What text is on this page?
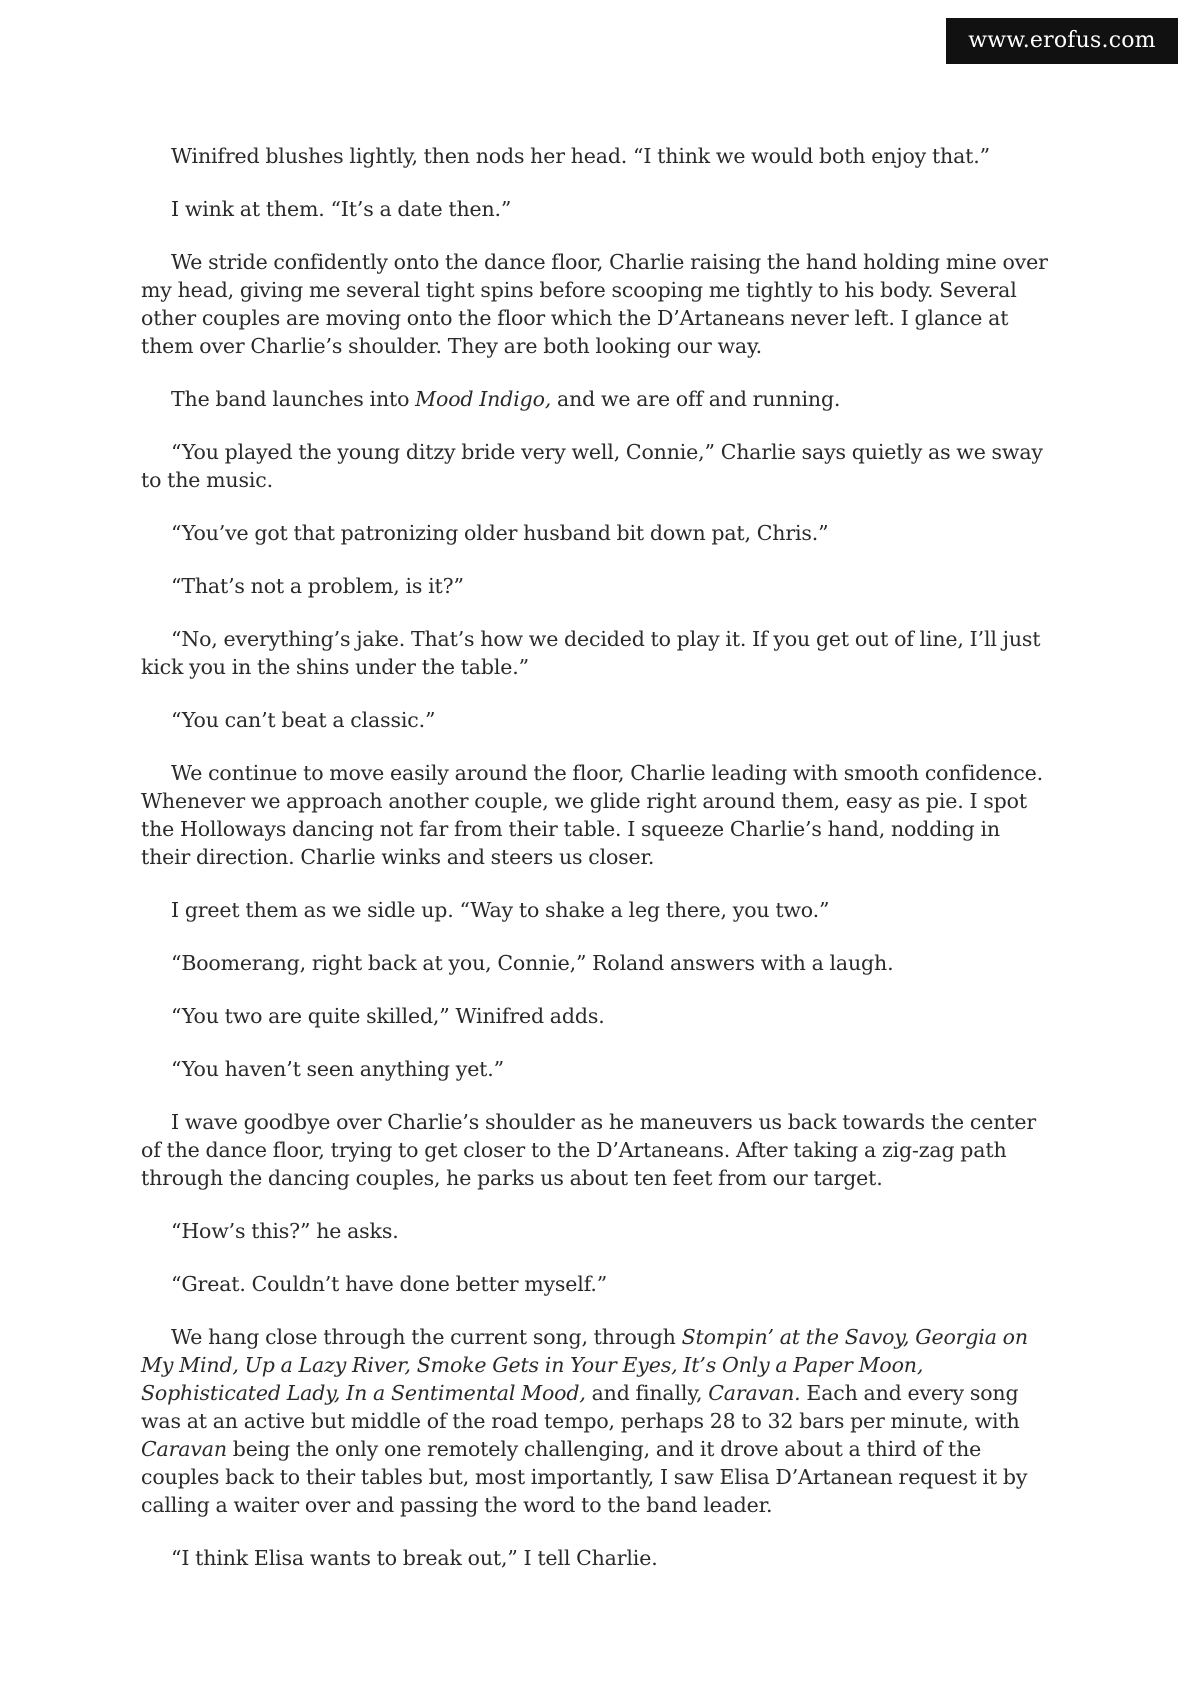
www.erofus.com

Winifred blushes lightly, then nods her head. “I think we would both enjoy that.”

I wink at them. “It’s a date then.”

We stride confidently onto the dance floor, Charlie raising the hand holding mine over my head, giving me several tight spins before scooping me tightly to his body. Several other couples are moving onto the floor which the D’Artaneans never left. I glance at them over Charlie’s shoulder. They are both looking our way.

The band launches into Mood Indigo, and we are off and running.

“You played the young ditzy bride very well, Connie,” Charlie says quietly as we sway to the music.

“You’ve got that patronizing older husband bit down pat, Chris.”

“That’s not a problem, is it?”

“No, everything’s jake. That’s how we decided to play it. If you get out of line, I’ll just kick you in the shins under the table.”

“You can’t beat a classic.”

We continue to move easily around the floor, Charlie leading with smooth confidence. Whenever we approach another couple, we glide right around them, easy as pie. I spot the Holloways dancing not far from their table. I squeeze Charlie’s hand, nodding in their direction. Charlie winks and steers us closer.

I greet them as we sidle up. “Way to shake a leg there, you two.”

“Boomerang, right back at you, Connie,” Roland answers with a laugh.

“You two are quite skilled,” Winifred adds.

“You haven’t seen anything yet.”

I wave goodbye over Charlie’s shoulder as he maneuvers us back towards the center of the dance floor, trying to get closer to the D’Artaneans. After taking a zig-zag path through the dancing couples, he parks us about ten feet from our target.

“How’s this?” he asks.

“Great. Couldn’t have done better myself.”

We hang close through the current song, through Stompin’ at the Savoy, Georgia on My Mind, Up a Lazy River, Smoke Gets in Your Eyes, It’s Only a Paper Moon, Sophisticated Lady, In a Sentimental Mood, and finally, Caravan. Each and every song was at an active but middle of the road tempo, perhaps 28 to 32 bars per minute, with Caravan being the only one remotely challenging, and it drove about a third of the couples back to their tables but, most importantly, I saw Elisa D’Artanean request it by calling a waiter over and passing the word to the band leader.

“I think Elisa wants to break out,” I tell Charlie.
